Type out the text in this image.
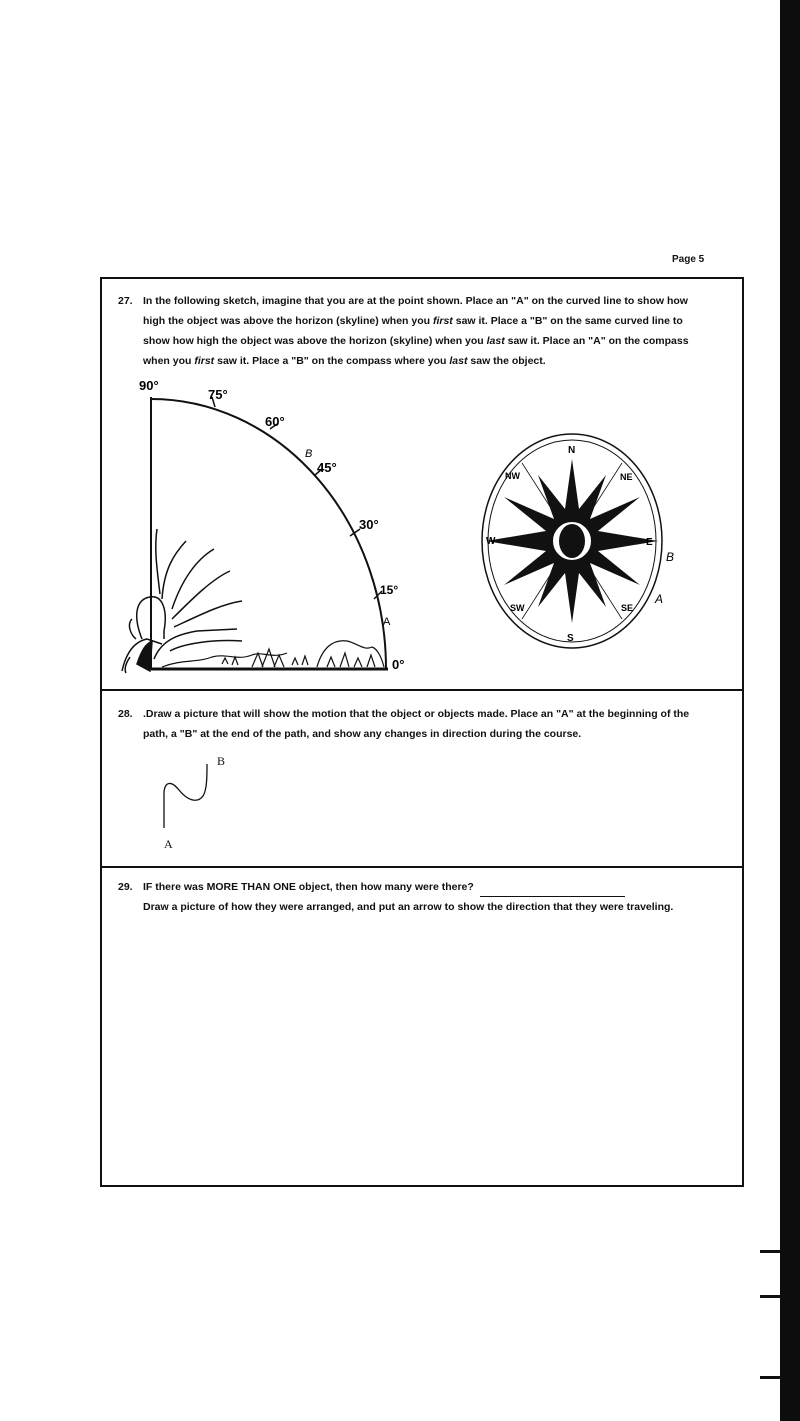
Page 5
27. In the following sketch, imagine that you are at the point shown. Place an "A" on the curved line to show how
high the object was above the horizon (skyline) when you first saw it. Place a "B" on the same curved line to
show how high the object was above the horizon (skyline) when you last saw it. Place an "A" on the compass
when you first saw it. Place a "B" on the compass where you last saw the object.
90°
75°
60°
45°
30°
15°
0°
B
A
N
NE
E
SE
S
SW
W
NW
B
A
28. .Draw a picture that will show the motion that the object or objects made. Place an "A" at the beginning of the
path, a "B" at the end of the path, and show any changes in direction during the course.
B
A
29. IF there was MORE THAN ONE object, then how many were there?
Draw a picture of how they were arranged, and put an arrow to show the direction that they were traveling.
